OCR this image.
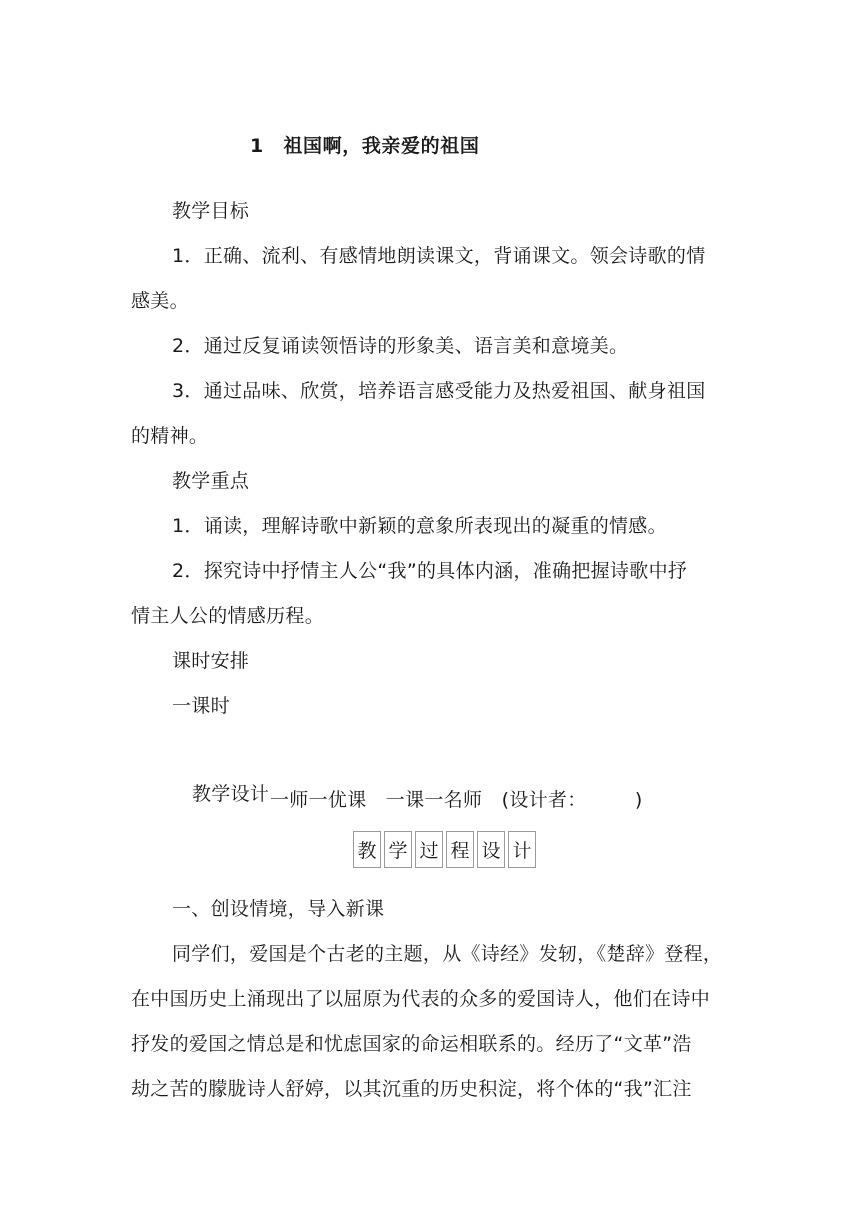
1　祖国啊，我亲爱的祖国
教学目标
1．正确、流利、有感情地朗读课文，背诵课文。领会诗歌的情
感美。
2．通过反复诵读领悟诗的形象美、语言美和意境美。
3．通过品味、欣赏，培养语言感受能力及热爱祖国、献身祖国
的精神。
教学重点
1．诵读，理解诗歌中新颖的意象所表现出的凝重的情感。
2．探究诗中抒情主人公“我”的具体内涵，准确把握诗歌中抒
情主人公的情感历程。
课时安排
一课时
教学设计 一师一优课　一课一名师　(设计者：　　　)
教 学 过 程 设 计
一、创设情境，导入新课
同学们，爱国是个古老的主题，从《诗经》发轫，《楚辞》登程，
在中国历史上涌现出了以屈原为代表的众多的爱国诗人，他们在诗中
抒发的爱国之情总是和忧虑国家的命运相联系的。经历了“文革”浩
劫之苦的朦胧诗人舒婷，以其沉重的历史积淀，将个体的“我”汇注
